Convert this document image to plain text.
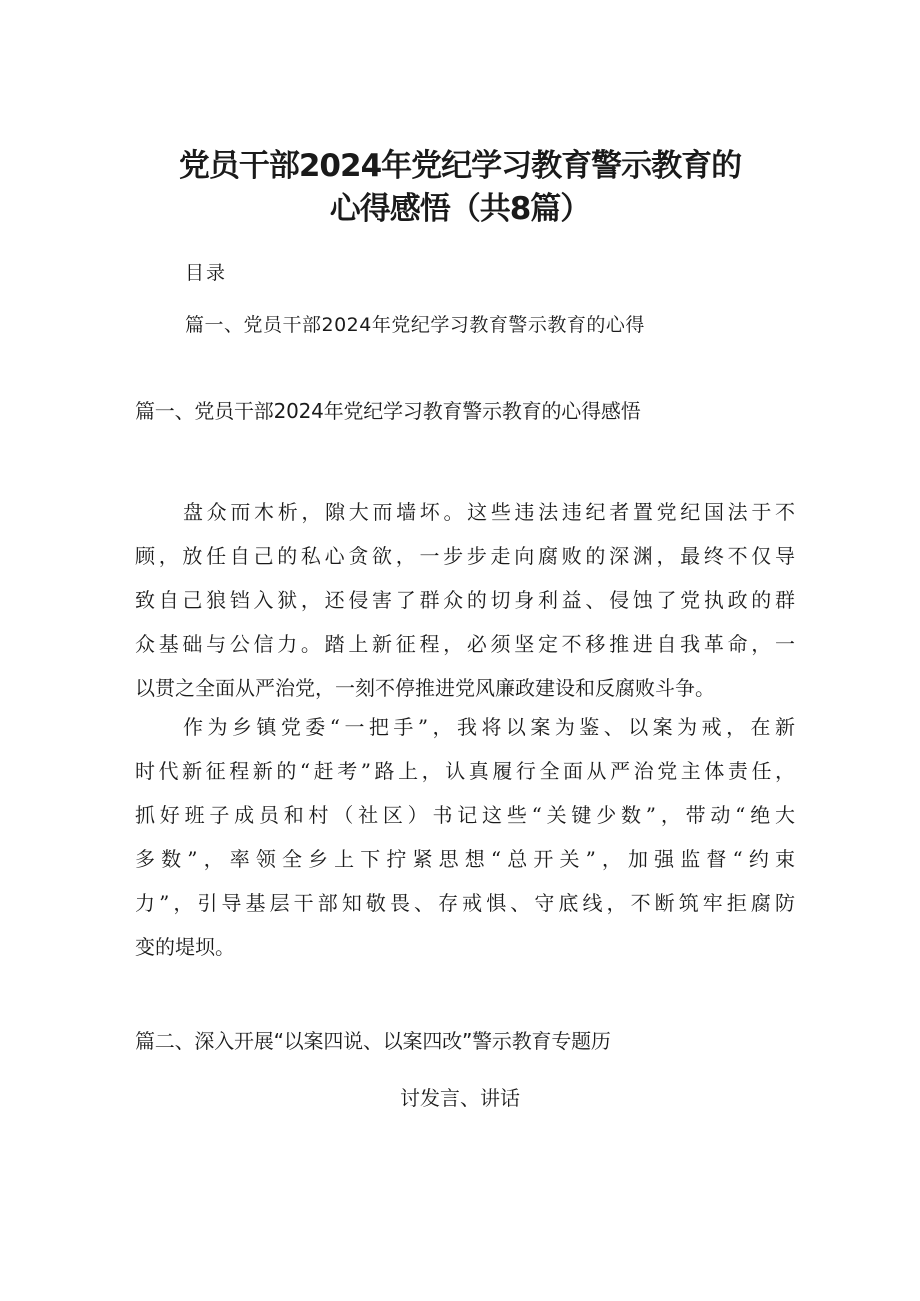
党员干部2024年党纪学习教育警示教育的
心得感悟（共8篇）
目录
篇一、党员干部2024年党纪学习教育警示教育的心得
篇一、党员干部2024年党纪学习教育警示教育的心得感悟
盘众而木析，隙大而墙坏。这些违法违纪者置党纪国法于不
顾，放任自己的私心贪欲，一步步走向腐败的深渊，最终不仅导
致自己狼铛入狱，还侵害了群众的切身利益、侵蚀了党执政的群
众基础与公信力。踏上新征程，必须坚定不移推进自我革命，一
以贯之全面从严治党，一刻不停推进党风廉政建设和反腐败斗争。
作为乡镇党委“一把手”，我将以案为鉴、以案为戒，在新
时代新征程新的“赶考”路上，认真履行全面从严治党主体责任，
抓好班子成员和村（社区）书记这些“关键少数”，带动“绝大
多数”，率领全乡上下拧紧思想“总开关”，加强监督“约束
力”，引导基层干部知敬畏、存戒惧、守底线，不断筑牢拒腐防
变的堤坝。
篇二、深入开展“以案四说、以案四改”警示教育专题历
讨发言、讲话
